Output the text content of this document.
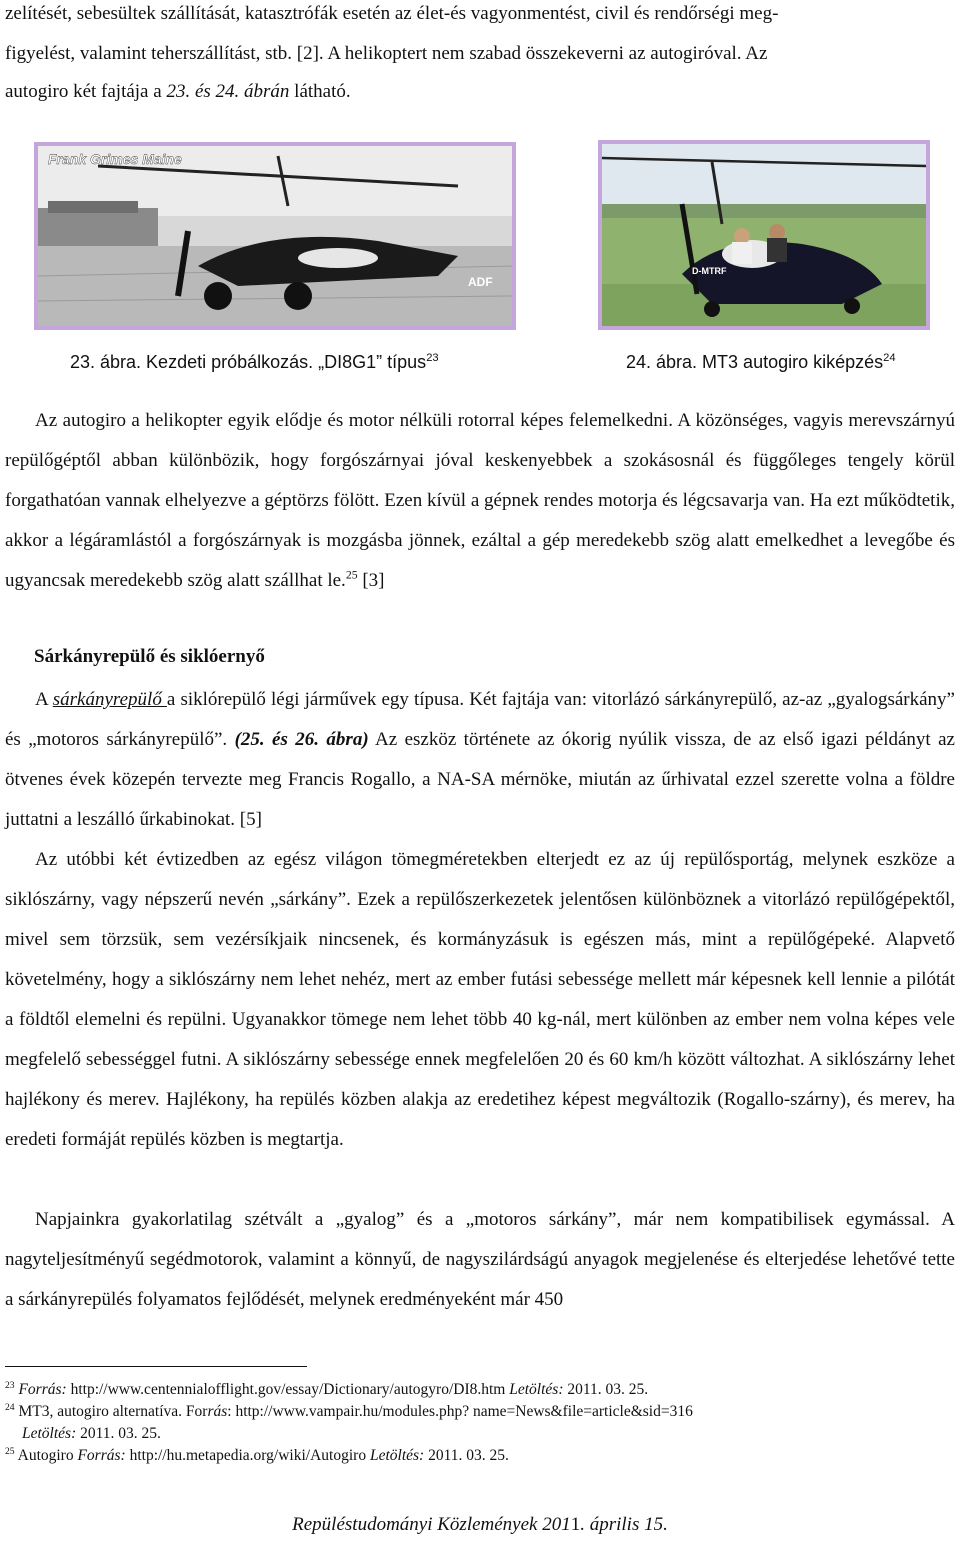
zelítését, sebesültek szállítását, katasztrófák esetén az élet-és vagyonmentést, civil és rendőrségi meg-

figyelést, valamint teherszállítást, stb. [2]. A helikoptert nem szabad összekeverni az autogiróval. Az

autogiro két fajtája a 23. és 24. ábrán látható.

Frank Grimes Maine
ADF
D-MTRF
23. ábra. Kezdeti próbálkozás. „DI8G1” típus$^{23}$	24. ábra. MT3 autogiro kiképzés$^{24}$

Az autogiro a helikopter egyik elődje és motor nélküli rotorral képes felemelkedni. A közönséges, vagyis merevszárnyú repülőgéptől abban különbözik, hogy forgószárnyai jóval keskenyebbek a szokásosnál és függőleges tengely körül forgathatóan vannak elhelyezve a géptörzs fölött. Ezen kívül a gépnek rendes motorja és légcsavarja van. Ha ezt működtetik, akkor a légáramlástól a forgószárnyak is mozgásba jönnek, ezáltal a gép meredekebb szög alatt emelkedhet a levegőbe és ugyancsak meredekebb szög alatt szállhat le.$^{25}$ [3]

Sárkányrepülő és siklóernyő

A sárkányrepülő a siklórepülő légi járművek egy típusa. Két fajtája van: vitorlázó sárkányrepülő, az-az „gyalogsárkány” és „motoros sárkányrepülő”. (25. és 26. ábra) Az eszköz története az ókorig nyúlik vissza, de az első igazi példányt az ötvenes évek közepén tervezte meg Francis Rogallo, a NA-SA mérnöke, miután az űrhivatal ezzel szerette volna a földre juttatni a leszálló űrkabinokat. [5]

Az utóbbi két évtizedben az egész világon tömegméretekben elterjedt ez az új repülősportág, melynek eszköze a siklószárny, vagy népszerű nevén „sárkány”. Ezek a repülőszerkezetek jelentősen különböznek a vitorlázó repülőgépektől, mivel sem törzsük, sem vezérsíkjaik nincsenek, és kormányzásuk is egészen más, mint a repülőgépeké. Alapvető követelmény, hogy a siklószárny nem lehet nehéz, mert az ember futási sebessége mellett már képesnek kell lennie a pilótát a földtől elemelni és repülni. Ugyanakkor tömege nem lehet több 40 kg-nál, mert különben az ember nem volna képes vele megfelelő sebességgel futni. A siklószárny sebessége ennek megfelelően 20 és 60 km/h között változhat. A siklószárny lehet hajlékony és merev. Hajlékony, ha repülés közben alakja az eredetihez képest megváltozik (Rogallo-szárny), és merev, ha eredeti formáját repülés közben is megtartja.

Napjainkra gyakorlatilag szétvált a „gyalog” és a „motoros sárkány”, már nem kompatibilisek egymással. A nagyteljesítményű segédmotorok, valamint a könnyű, de nagyszilárdságú anyagok megjelenése és elterjedése lehetővé tette a sárkányrepülés folyamatos fejlődését, melynek eredményeként már 450

$^{23}$ Forrás: http://www.centennialofflight.gov/essay/Dictionary/autogyro/DI8.htm Letöltés: 2011. 03. 25.
$^{24}$ MT3, autogiro alternatíva. Forrás: http://www.vampair.hu/modules.php? name=News&file=article&sid=316
Letöltés: 2011. 03. 25.
$^{25}$ Autogiro Forrás: http://hu.metapedia.org/wiki/Autogiro Letöltés: 2011. 03. 25.
Repüléstudományi Közlemények 2011. április 15.
